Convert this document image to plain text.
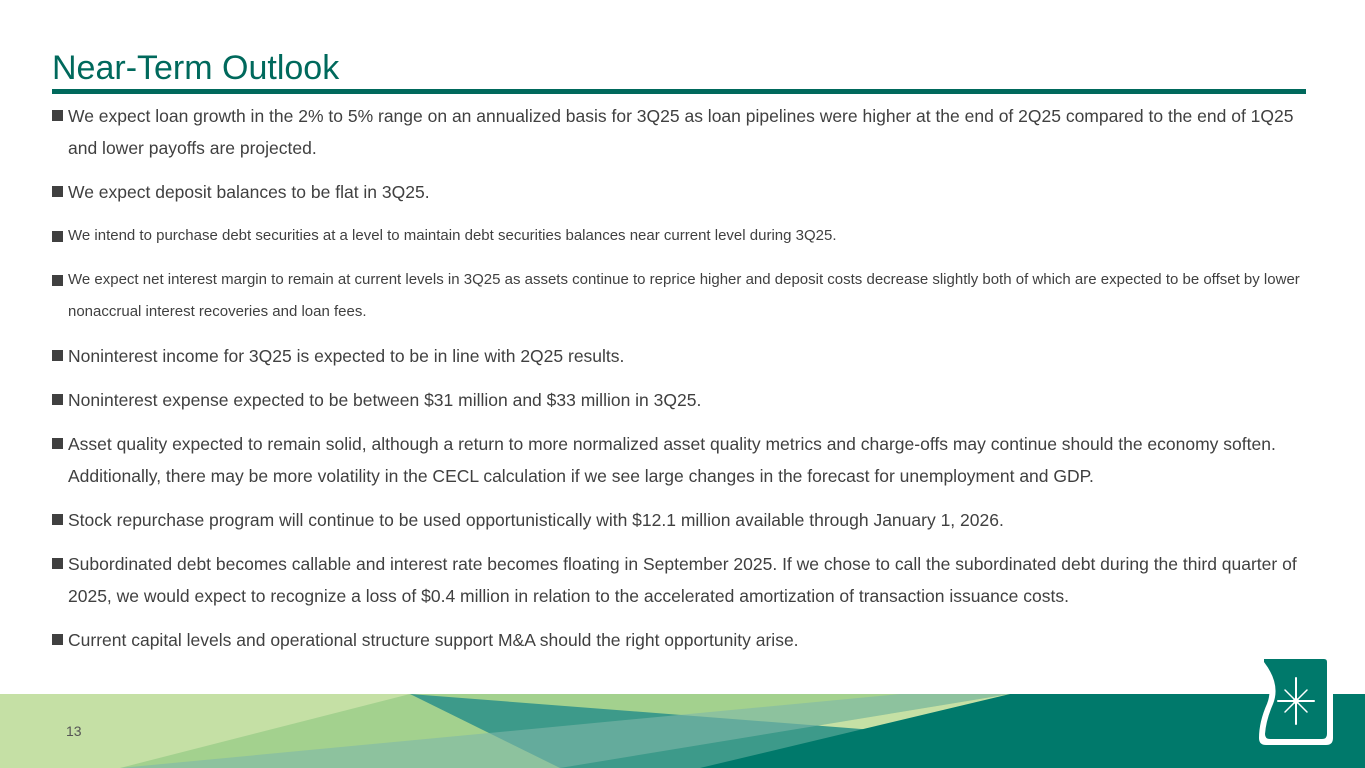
Near-Term Outlook
We expect loan growth in the 2% to 5% range on an annualized basis for 3Q25 as loan pipelines were higher at the end of 2Q25 compared to the end of 1Q25 and lower payoffs are projected.
We expect deposit balances to be flat in 3Q25.
We intend to purchase debt securities at a level to maintain debt securities balances near current level during 3Q25.
We expect net interest margin to remain at current levels in 3Q25 as assets continue to reprice higher and deposit costs decrease slightly both of which are expected to be offset by lower nonaccrual interest recoveries and loan fees.
Noninterest income for 3Q25 is expected to be in line with 2Q25 results.
Noninterest expense expected to be between $31 million and $33 million in 3Q25.
Asset quality expected to remain solid, although a return to more normalized asset quality metrics and charge-offs may continue should the economy soften. Additionally, there may be more volatility in the CECL calculation if we see large changes in the forecast for unemployment and GDP.
Stock repurchase program will continue to be used opportunistically with $12.1 million available through January 1, 2026.
Subordinated debt becomes callable and interest rate becomes floating in September 2025. If we chose to call the subordinated debt during the third quarter of 2025, we would expect to recognize a loss of $0.4 million in relation to the accelerated amortization of transaction issuance costs.
Current capital levels and operational structure support M&A should the right opportunity arise.
13
